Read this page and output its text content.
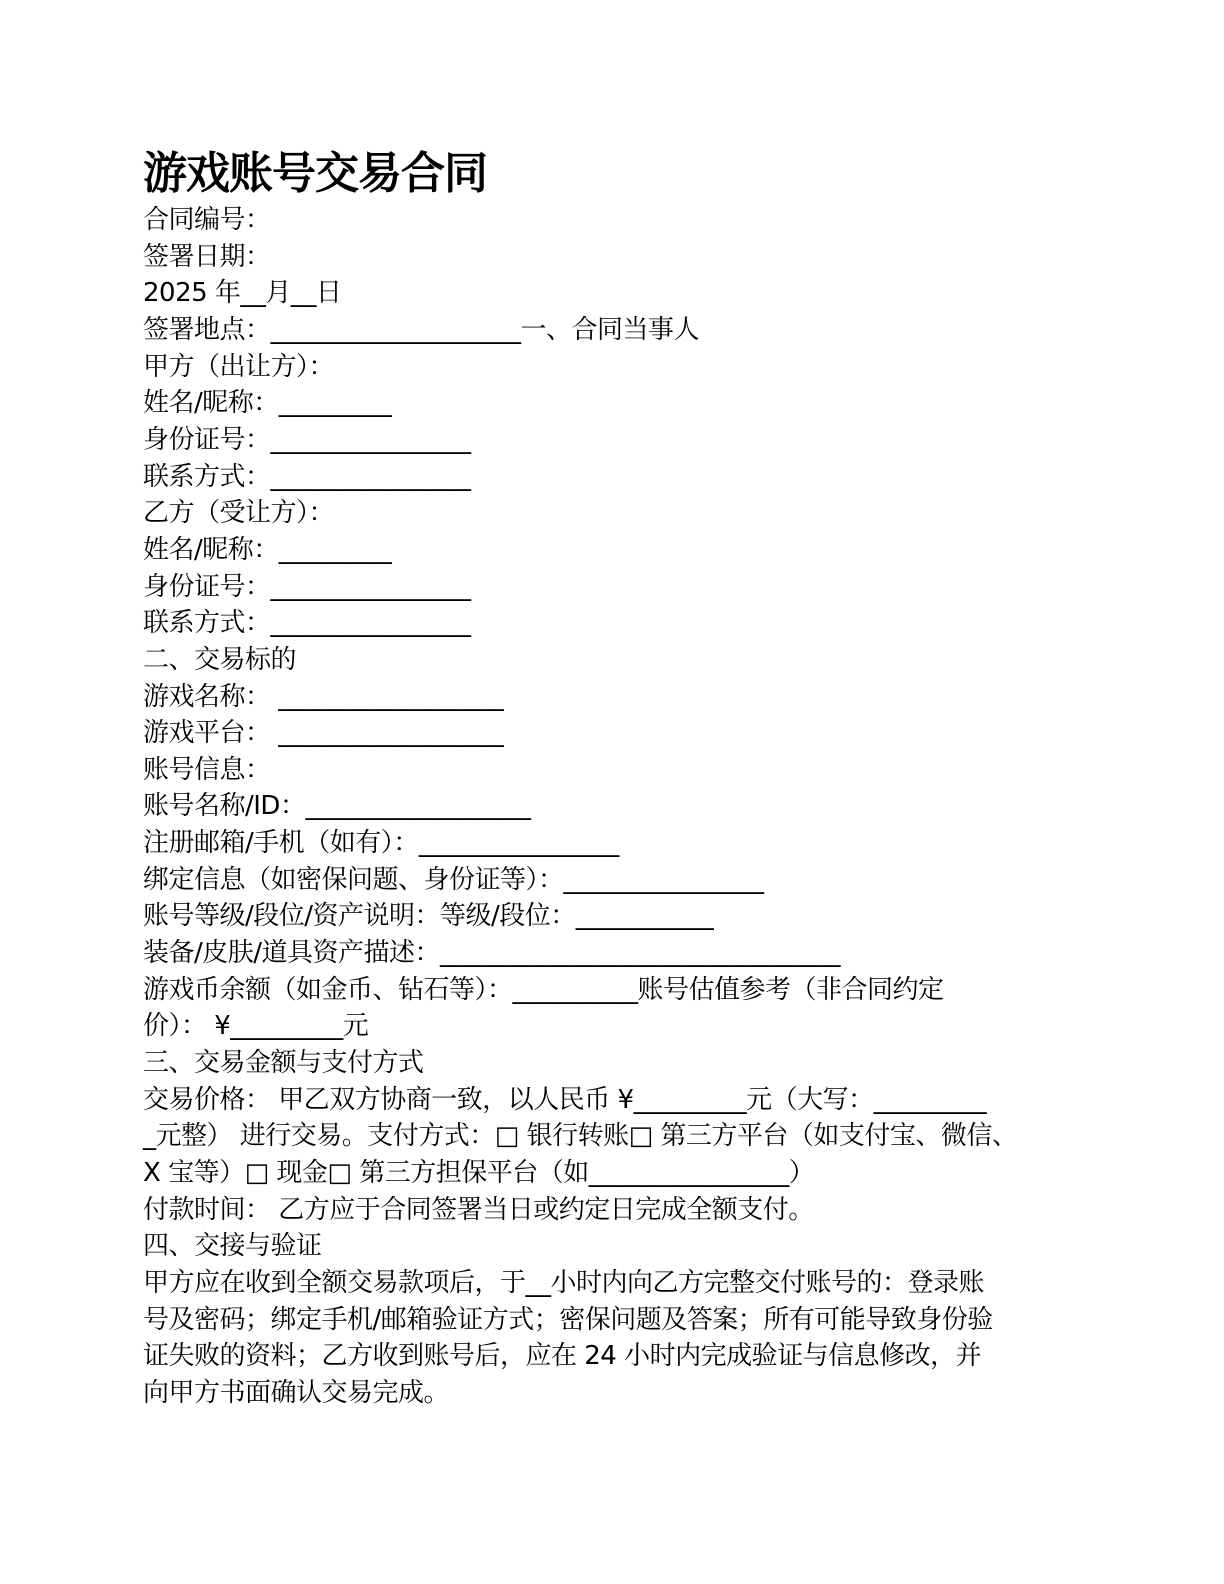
游戏账号交易合同
合同编号：
签署日期：
2025 年__月__日
签署地点：____________________一、合同当事人
甲方（出让方）：
姓名/昵称：_________
身份证号：________________
联系方式：________________
乙方（受让方）：
姓名/昵称：_________
身份证号：________________
联系方式：________________
二、交易标的
游戏名称： __________________
游戏平台： __________________
账号信息：
账号名称/ID：__________________
注册邮箱/手机（如有）：________________
绑定信息（如密保问题、身份证等）：________________
账号等级/段位/资产说明：等级/段位：___________
装备/皮肤/道具资产描述：________________________________
游戏币余额（如金币、钻石等）：__________账号估值参考（非合同约定
价）： ¥_________元
三、交易金额与支付方式
交易价格： 甲乙双方协商一致，以人民币 ¥_________元（大写：_________
_元整） 进行交易。支付方式：□ 银行转账□ 第三方平台（如支付宝、微信、
X 宝等）□ 现金□ 第三方担保平台（如________________）
付款时间： 乙方应于合同签署当日或约定日完成全额支付。
四、交接与验证
甲方应在收到全额交易款项后，于__小时内向乙方完整交付账号的：登录账
号及密码；绑定手机/邮箱验证方式；密保问题及答案；所有可能导致身份验
证失败的资料；乙方收到账号后，应在 24 小时内完成验证与信息修改，并
向甲方书面确认交易完成。
